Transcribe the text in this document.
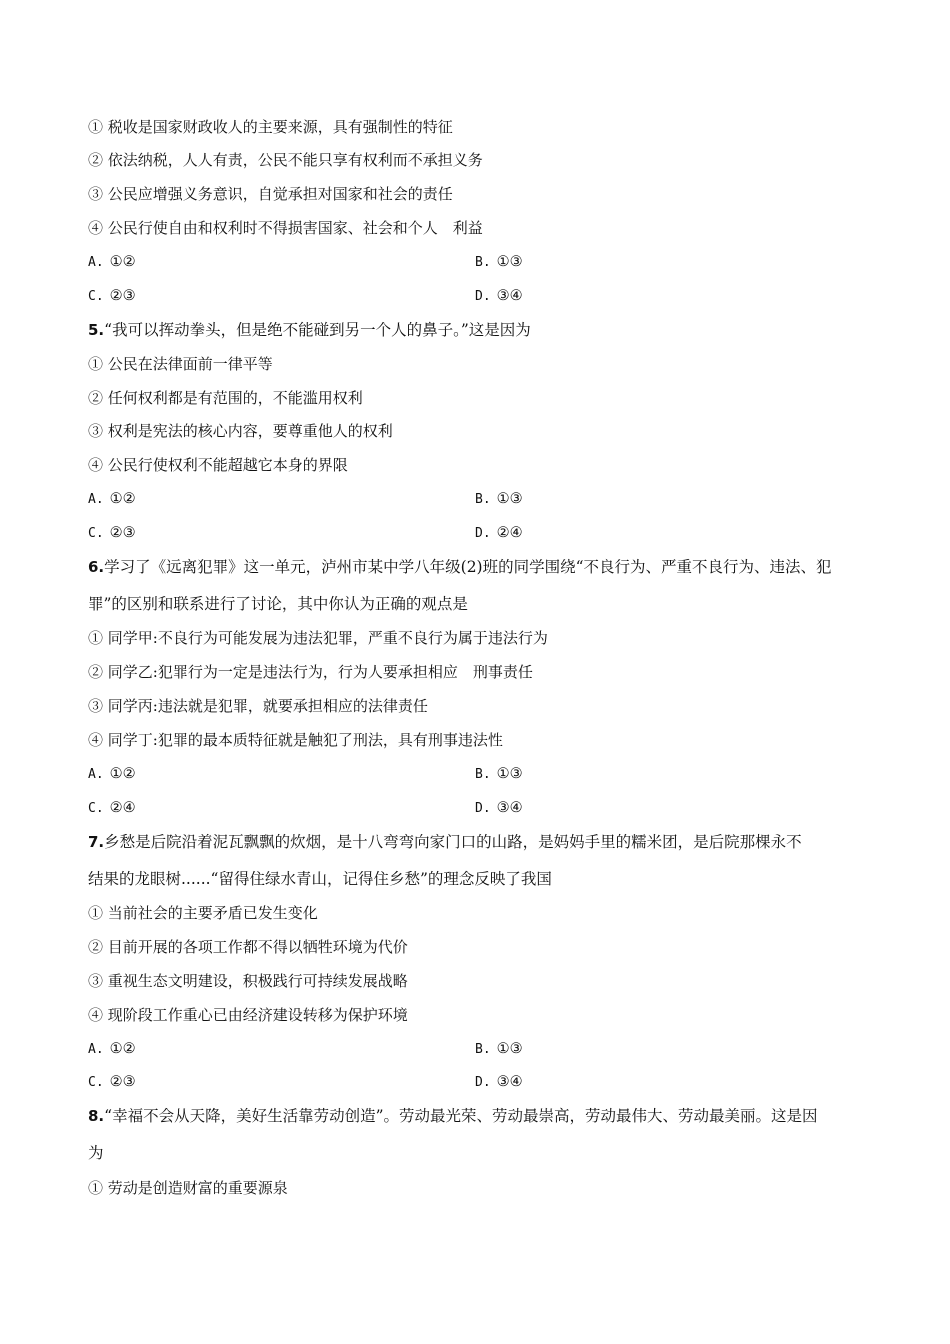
① 税收是国家财政收人的主要来源，具有强制性的特征
② 依法纳税，人人有责，公民不能只享有权利而不承担义务
③ 公民应增强义务意识，自觉承担对国家和社会的责任
④ 公民行使自由和权利时不得损害国家、社会和个人　利益
A. ①②	B. ①③
C. ②③	D. ③④
5.“我可以挥动拳头，但是绝不能碰到另一个人的鼻子。”这是因为
① 公民在法律面前一律平等
② 任何权利都是有范围的，不能滥用权利
③ 权利是宪法的核心内容，要尊重他人的权利
④ 公民行使权利不能超越它本身的界限
A. ①②	B. ①③
C. ②③	D. ②④
6.学习了《远离犯罪》这一单元，泸州市某中学八年级(2)班的同学围绕“不良行为、严重不良行为、违法、犯
罪”的区别和联系进行了讨论，其中你认为正确的观点是
① 同学甲:不良行为可能发展为违法犯罪，严重不良行为属于违法行为
② 同学乙:犯罪行为一定是违法行为，行为人要承担相应　刑事责任
③ 同学丙:违法就是犯罪，就要承担相应的法律责任
④ 同学丁:犯罪的最本质特征就是触犯了刑法，具有刑事违法性
A. ①②	B. ①③
C. ②④	D. ③④
7.乡愁是后院沿着泥瓦飘飘的炊烟，是十八弯弯向家门口的山路，是妈妈手里的糯米团，是后院那棵永不
结果的龙眼树......“留得住绿水青山，记得住乡愁”的理念反映了我国
① 当前社会的主要矛盾已发生变化
② 目前开展的各项工作都不得以牺牲环境为代价
③ 重视生态文明建设，积极践行可持续发展战略
④ 现阶段工作重心已由经济建设转移为保护环境
A. ①②	B. ①③
C. ②③	D. ③④
8.“幸福不会从天降，美好生活靠劳动创造”。劳动最光荣、劳动最崇高，劳动最伟大、劳动最美丽。这是因
为
① 劳动是创造财富的重要源泉
